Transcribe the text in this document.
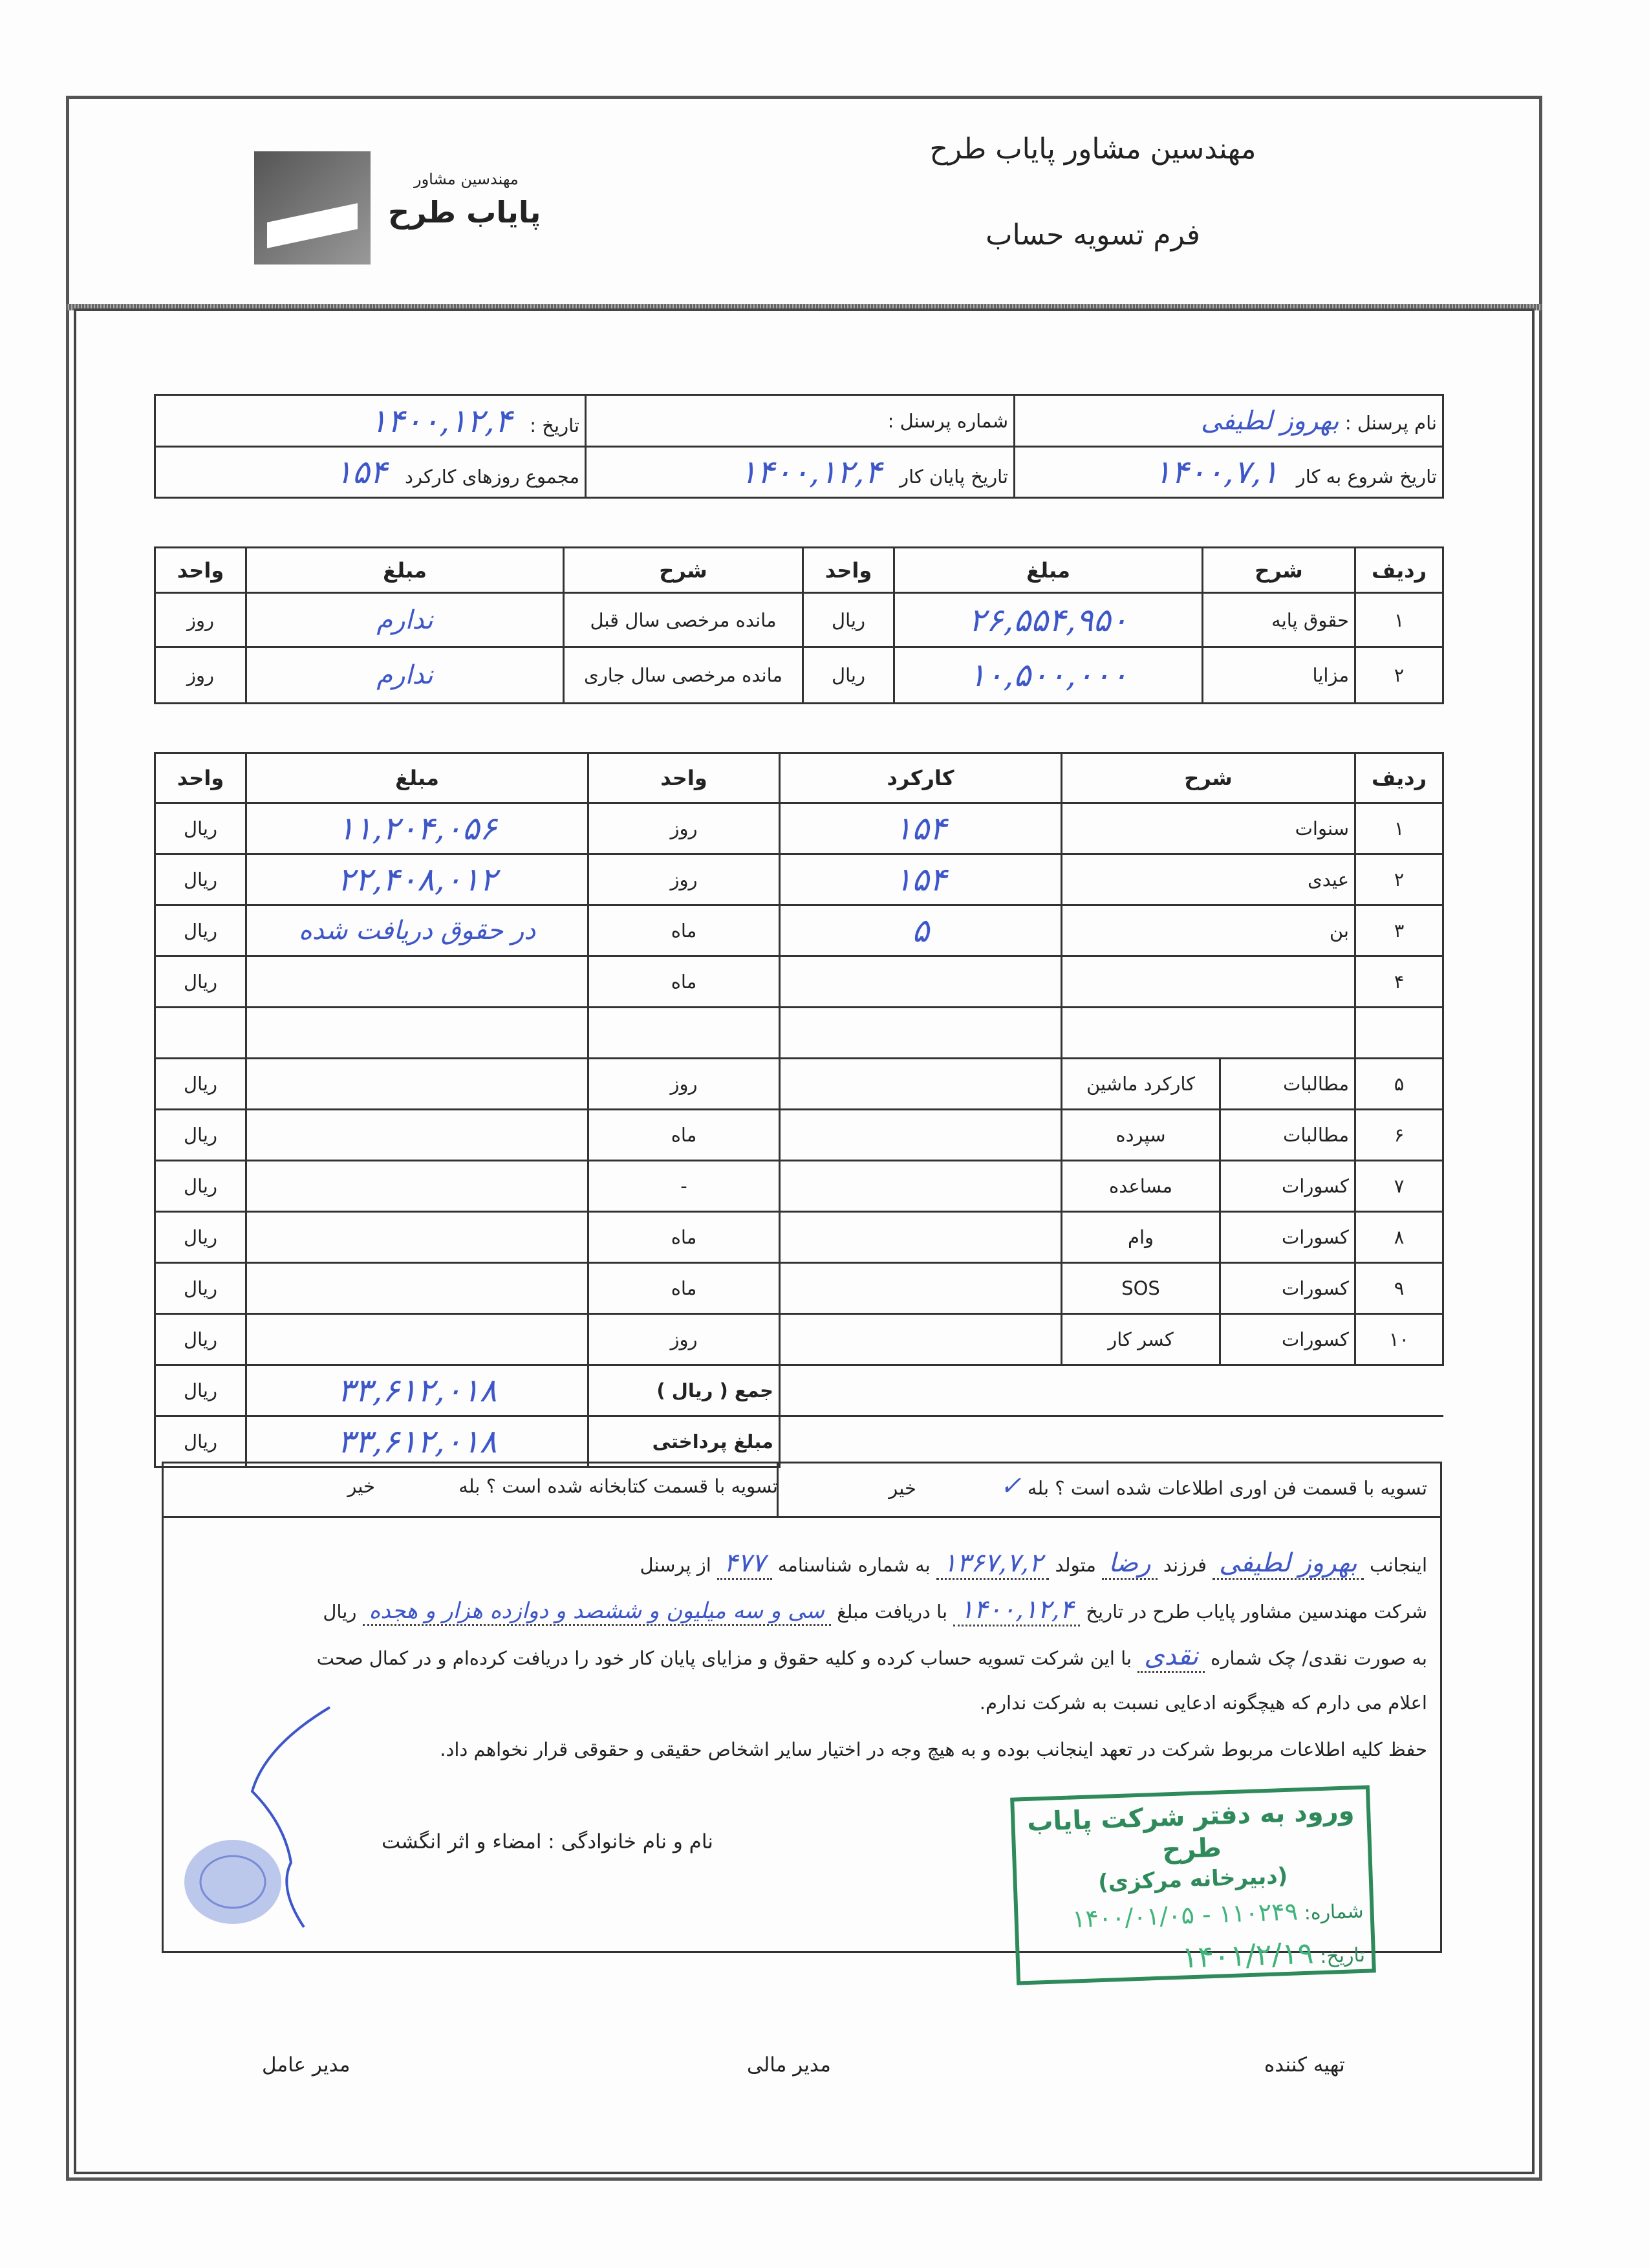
مهندسین مشاور
پایاب طرح
مهندسین مشاور پایاب طرح
فرم تسویه حساب
نام پرسنل : بهروز لطیفی	شماره پرسنل :	تاریخ :   ۱۴۰۰,۱۲,۴
تاریخ شروع به کار   ۱۴۰۰,۷,۱	تاریخ پایان کار   ۱۴۰۰,۱۲,۴	مجموع روزهای کارکرد   ۱۵۴
ردیف	شرح	مبلغ	واحد	شرح	مبلغ	واحد
۱	حقوق پایه	۲۶,۵۵۴,۹۵۰	ریال	مانده مرخصی سال قبل	ندارم	روز
۲	مزایا	۱۰,۵۰۰,۰۰۰	ریال	مانده مرخصی سال جاری	ندارم	روز
ردیف	شرح		کارکرد	واحد	مبلغ	واحد
۱	سنوات		۱۵۴	روز	۱۱,۲۰۴,۰۵۶	ریال
۲	عیدی		۱۵۴	روز	۲۲,۴۰۸,۰۱۲	ریال
۳	بن		۵	ماه	در حقوق دریافت شده	ریال
۴				ماه		ریال

۵	مطالبات	کارکرد ماشین		روز		ریال
۶	مطالبات	سپرده		ماه		ریال
۷	کسورات	مساعده		-		ریال
۸	کسورات	وام		ماه		ریال
۹	کسورات	SOS		ماه		ریال
۱۰	کسورات	کسر کار		روز		ریال
				جمع ( ریال )	۳۳,۶۱۲,۰۱۸	ریال
				مبلغ پرداختی	۳۳,۶۱۲,۰۱۸	ریال
تسویه با قسمت فن اوری اطلاعات شده است ؟ بله ✓ خیر
تسویه با قسمت کتابخانه شده است ؟ بله خیر

اینجانب بهروز لطیفی فرزند رضا متولد ۱۳۶۷,۷,۲ به شماره شناسنامه ۴۷۷ از پرسنل

شرکت مهندسین مشاور پایاب طرح در تاریخ ۱۴۰۰,۱۲,۴ با دریافت مبلغ سی و سه میلیون و ششصد و دوازده هزار و هجده ریال

به صورت نقدی/ چک شماره نقدی با این شرکت تسویه حساب کرده و کلیه حقوق و مزایای پایان کار خود را دریافت کرده‌ام و در کمال صحت

اعلام می دارم که هیچگونه ادعایی نسبت به شرکت ندارم.

حفظ کلیه اطلاعات مربوط شرکت در تعهد اینجانب بوده و به هیچ وجه در اختیار سایر اشخاص حقیقی و حقوقی قرار نخواهم داد.

نام و نام خانوادگی : امضاء و اثر انگشت
ورود به دفتر شرکت پایاب طرح
(دبیرخانه مرکزی)
شماره: ۱۱۰۲۴۹ - ۱۴۰۰/۰۱/۰۵
تاریخ: ۱۴۰۱/۲/۱۹
تهیه کننده
مدیر مالی
مدیر عامل
